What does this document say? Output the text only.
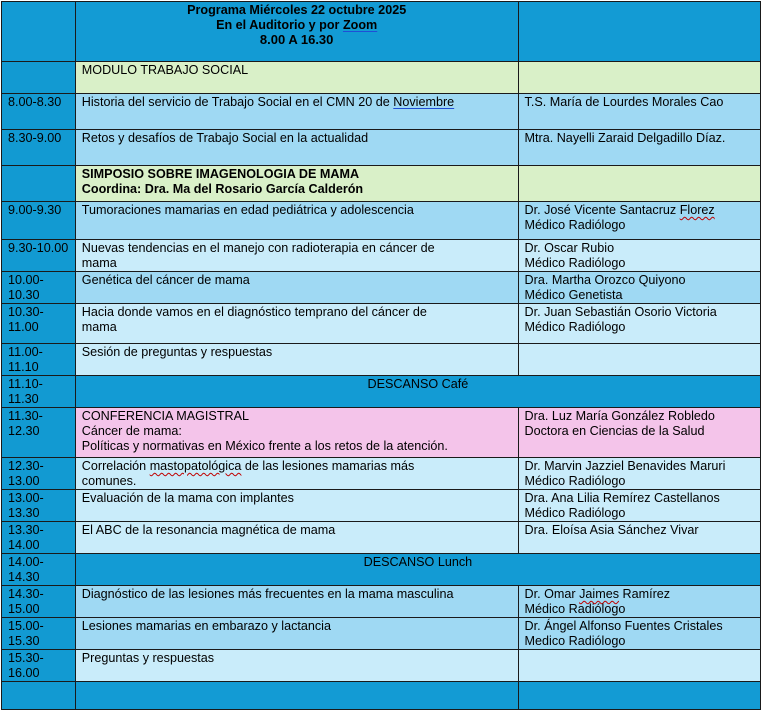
	Programa Miércoles 22 octubre 2025
En el Auditorio y por Zoom
8.00 A 16.30	

	MODULO TRABAJO SOCIAL	
8.00-8.30	Historia del servicio de Trabajo Social en el CMN 20 de Noviembre	T.S. María de Lourdes Morales Cao
8.30-9.00	Retos y desafíos de Trabajo Social en la actualidad	Mtra. Nayelli Zaraid Delgadillo Díaz.

	SIMPOSIO SOBRE IMAGENOLOGIA DE MAMA
Coordina: Dra. Ma del Rosario García Calderón	

9.00-9.30	Tumoraciones mamarias en edad pediátrica y adolescencia	Dr. José Vicente Santacruz Florez
Médico Radiólogo

9.30-10.00	Nuevas tendencias en el manejo con radioterapia en cáncer de
mama	Dr. Oscar Rubio
Médico Radiólogo

10.00-10.30	Genética del cáncer de mama	Dra. Martha Orozco Quiyono
Médico Genetista

10.30-11.00	Hacia donde vamos en el diagnóstico temprano del cáncer de
mama	Dr. Juan Sebastián Osorio Victoria
Médico Radiólogo

11.00-11.10	Sesión de preguntas y respuestas	
11.10-11.30	DESCANSO Café	
11.30-12.30	CONFERENCIA MAGISTRAL
Cáncer de mama:
Políticas y normativas en México frente a los retos de la atención.	Dra. Luz María González Robledo
Doctora en Ciencias de la Salud

12.30-13.00	Correlación mastopatológica de las lesiones mamarias más
comunes.	Dr. Marvin Jazziel Benavides Maruri
Médico Radiólogo

13.00-13.30	Evaluación de la mama con implantes	Dra. Ana Lilia Remírez Castellanos
Médico Radiólogo

13.30-14.00	El ABC de la resonancia magnética de mama	Dra. Eloísa Asia Sánchez Vivar
14.00-14.30	DESCANSO Lunch	
14.30-15.00	Diagnóstico de las lesiones más frecuentes en la mama masculina	Dr. Omar Jaimes Ramírez
Médico Radiólogo

15.00-15.30	Lesiones mamarias en embarazo y lactancia	Dr. Ángel Alfonso Fuentes Cristales
Medico Radiólogo

15.30-16.00	Preguntas y respuestas	
